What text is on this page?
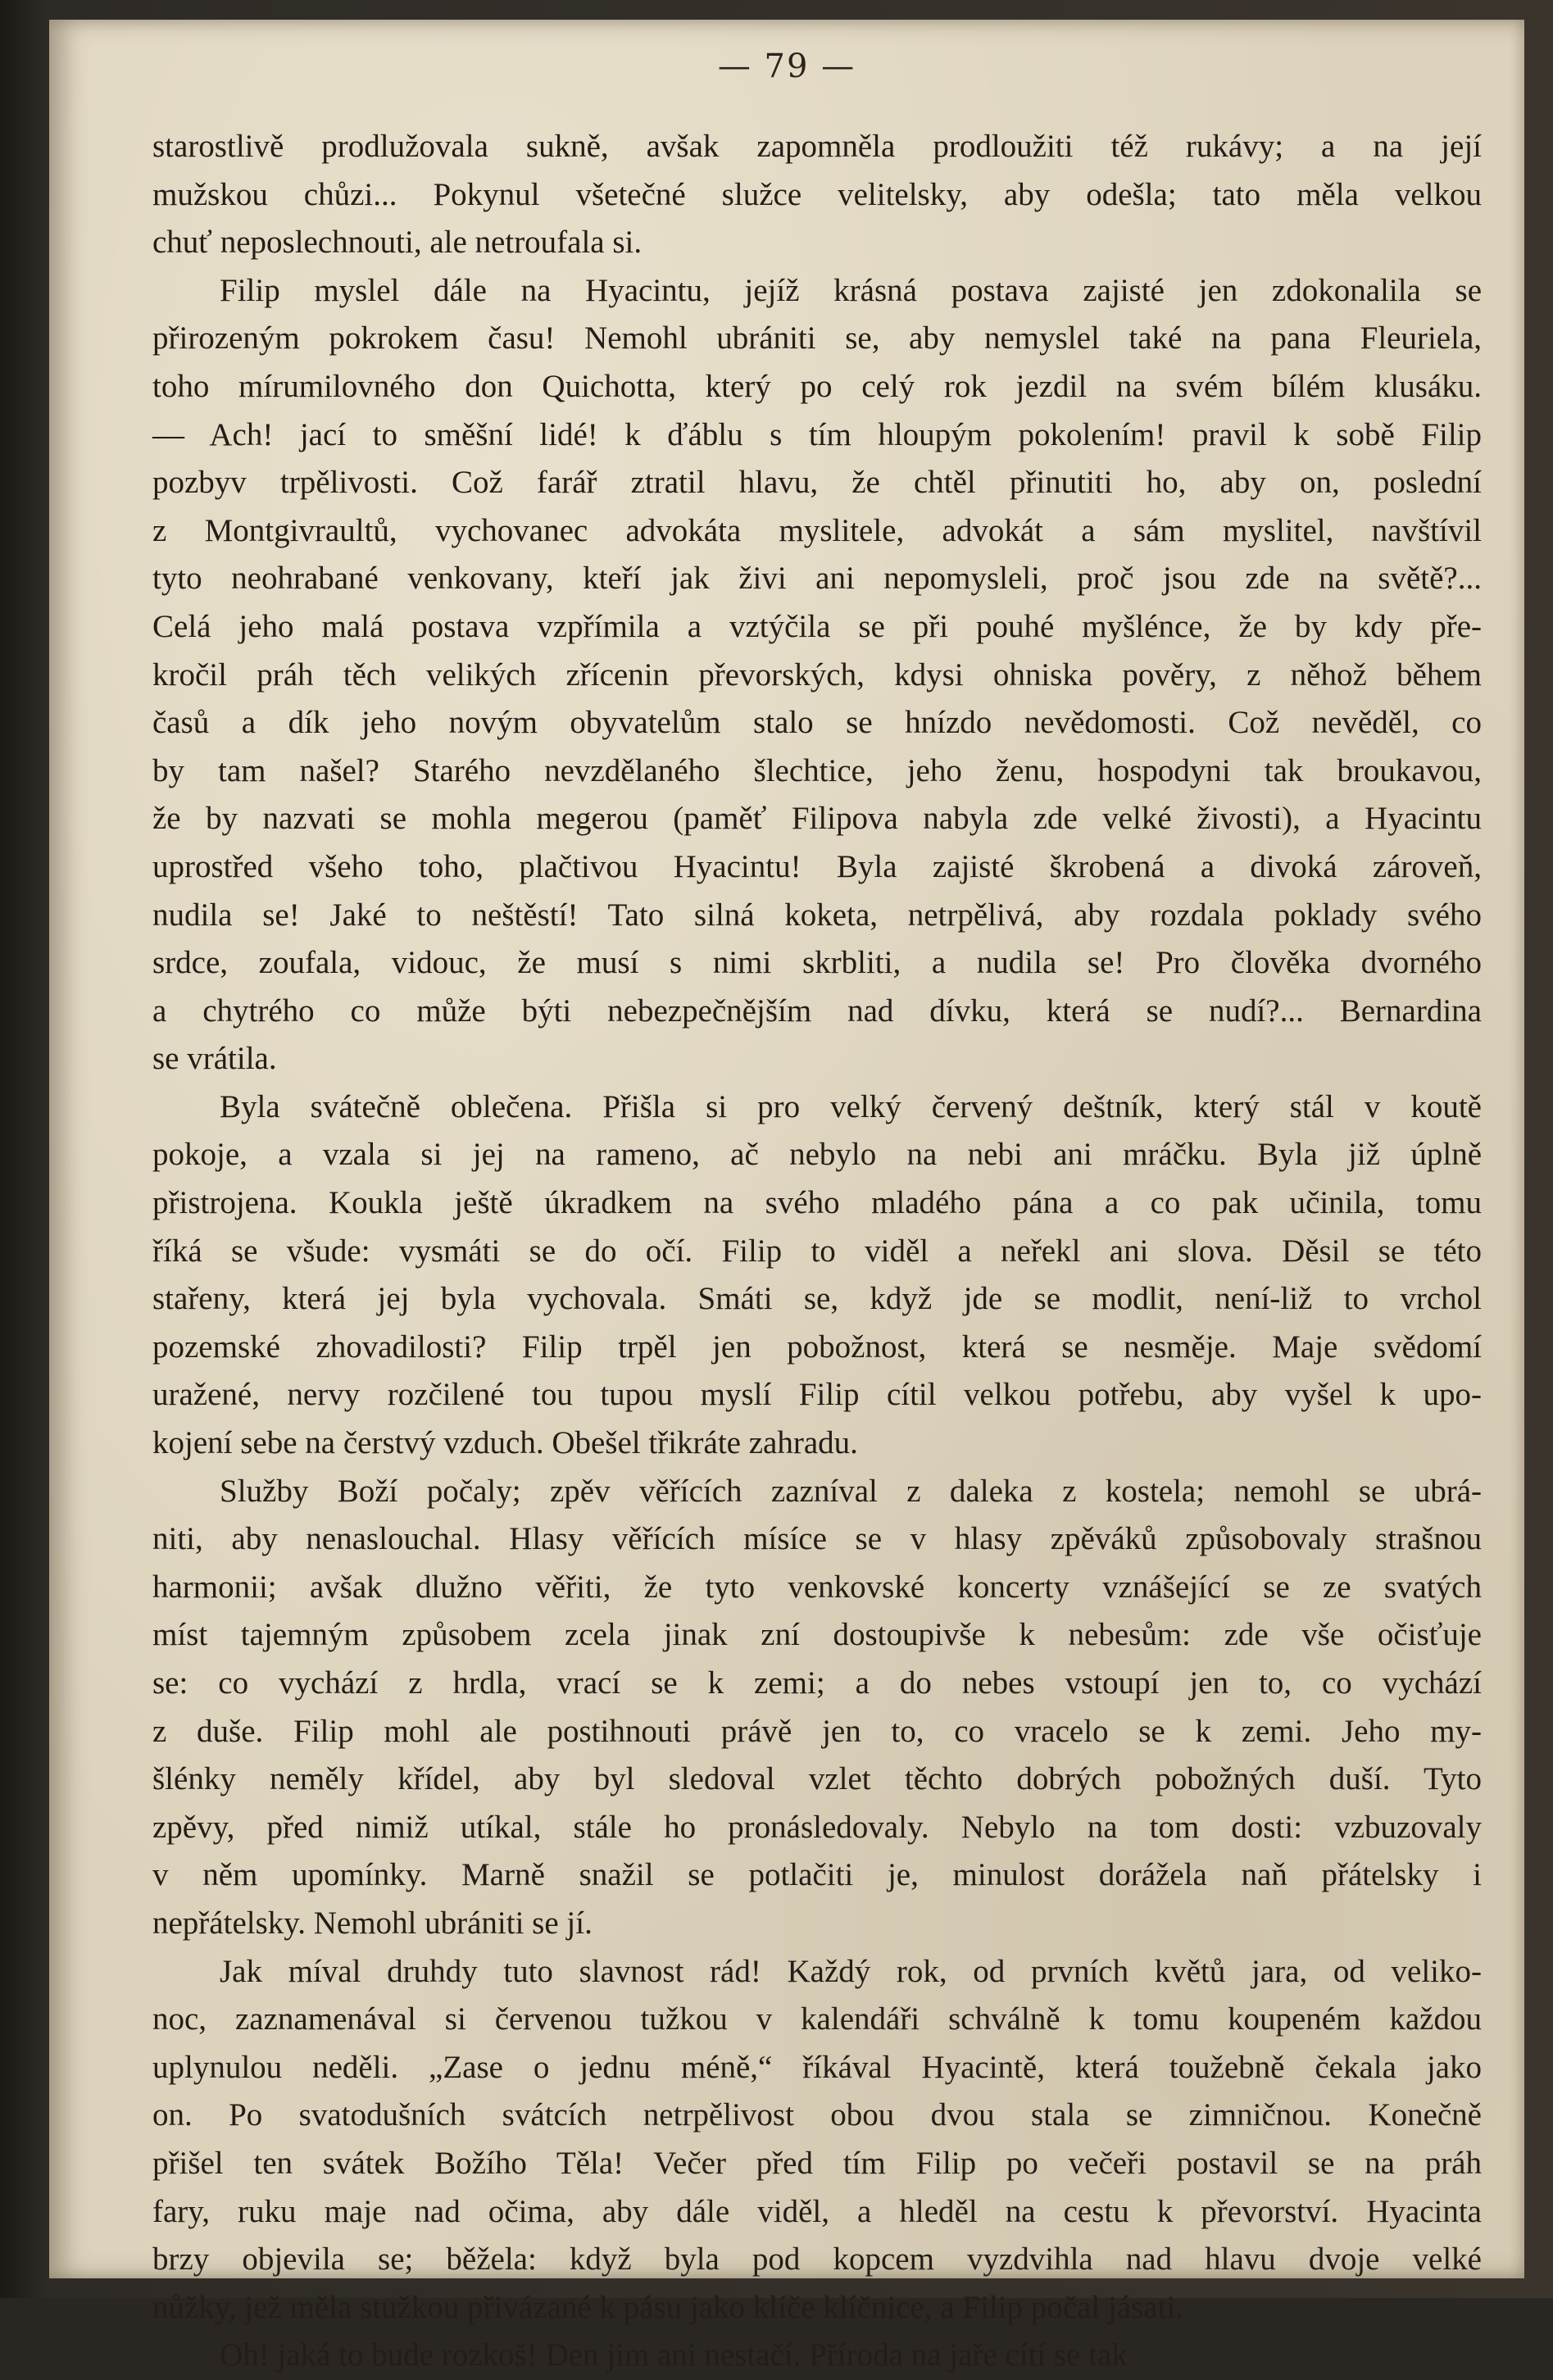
— 79 —
starostlivě prodlužovala sukně, avšak zapomněla prodloužiti též rukávy; a na její
mužskou chůzi... Pokynul všetečné služce velitelsky, aby odešla; tato měla velkou
chuť neposlechnouti, ale netroufala si.
Filip myslel dále na Hyacintu, jejíž krásná postava zajisté jen zdokonalila se
přirozeným pokrokem času! Nemohl ubrániti se, aby nemyslel také na pana Fleuriela,
toho mírumilovného don Quichotta, který po celý rok jezdil na svém bílém klusáku.
— Ach! jací to směšní lidé! k ďáblu s tím hloupým pokolením! pravil k sobě Filip
pozbyv trpělivosti. Což farář ztratil hlavu, že chtěl přinutiti ho, aby on, poslední
z Montgivraultů, vychovanec advokáta myslitele, advokát a sám myslitel, navštívil
tyto neohrabané venkovany, kteří jak živi ani nepomysleli, proč jsou zde na světě?...
Celá jeho malá postava vzpřímila a vztýčila se při pouhé myšlénce, že by kdy pře-
kročil práh těch velikých zřícenin převorských, kdysi ohniska pověry, z něhož během
časů a dík jeho novým obyvatelům stalo se hnízdo nevědomosti. Což nevěděl, co
by tam našel? Starého nevzdělaného šlechtice, jeho ženu, hospodyni tak broukavou,
že by nazvati se mohla megerou (paměť Filipova nabyla zde velké živosti), a Hyacintu
uprostřed všeho toho, plačtivou Hyacintu! Byla zajisté škrobená a divoká zároveň,
nudila se! Jaké to neštěstí! Tato silná koketa, netrpělivá, aby rozdala poklady svého
srdce, zoufala, vidouc, že musí s nimi skrbliti, a nudila se! Pro člověka dvorného
a chytrého co může býti nebezpečnějším nad dívku, která se nudí?... Bernardina
se vrátila.
Byla svátečně oblečena. Přišla si pro velký červený deštník, který stál v koutě
pokoje, a vzala si jej na rameno, ač nebylo na nebi ani mráčku. Byla již úplně
přistrojena. Koukla ještě úkradkem na svého mladého pána a co pak učinila, tomu
říká se všude: vysmáti se do očí. Filip to viděl a neřekl ani slova. Děsil se této
stařeny, která jej byla vychovala. Smáti se, když jde se modlit, není-liž to vrchol
pozemské zhovadilosti? Filip trpěl jen pobožnost, která se nesměje. Maje svědomí
uražené, nervy rozčilené tou tupou myslí Filip cítil velkou potřebu, aby vyšel k upo-
kojení sebe na čerstvý vzduch. Obešel třikráte zahradu.
Služby Boží počaly; zpěv věřících zazníval z daleka z kostela; nemohl se ubrá-
niti, aby nenaslouchal. Hlasy věřících mísíce se v hlasy zpěváků způsobovaly strašnou
harmonii; avšak dlužno věřiti, že tyto venkovské koncerty vznášející se ze svatých
míst tajemným způsobem zcela jinak zní dostoupivše k nebesům: zde vše očisťuje
se: co vychází z hrdla, vrací se k zemi; a do nebes vstoupí jen to, co vychází
z duše. Filip mohl ale postihnouti právě jen to, co vracelo se k zemi. Jeho my-
šlénky neměly křídel, aby byl sledoval vzlet těchto dobrých pobožných duší. Tyto
zpěvy, před nimiž utíkal, stále ho pronásledovaly. Nebylo na tom dosti: vzbuzovaly
v něm upomínky. Marně snažil se potlačiti je, minulost dorážela naň přátelsky i
nepřátelsky. Nemohl ubrániti se jí.
Jak míval druhdy tuto slavnost rád! Každý rok, od prvních květů jara, od veliko-
noc, zaznamenával si červenou tužkou v kalendáři schválně k tomu koupeném každou
uplynulou neděli. „Zase o jednu méně,“ říkával Hyacintě, která toužebně čekala jako
on. Po svatodušních svátcích netrpělivost obou dvou stala se zimničnou. Konečně
přišel ten svátek Božího Těla! Večer před tím Filip po večeři postavil se na práh
fary, ruku maje nad očima, aby dále viděl, a hleděl na cestu k převorství. Hyacinta
brzy objevila se; běžela: když byla pod kopcem vyzdvihla nad hlavu dvoje velké
nůžky, jež měla stužkou přivázané k pásu jako klíče klíčnice, a Filip počal jásati.
Oh! jaká to bude rozkoš! Den jim ani nestačí. Příroda na jaře cítí se tak
